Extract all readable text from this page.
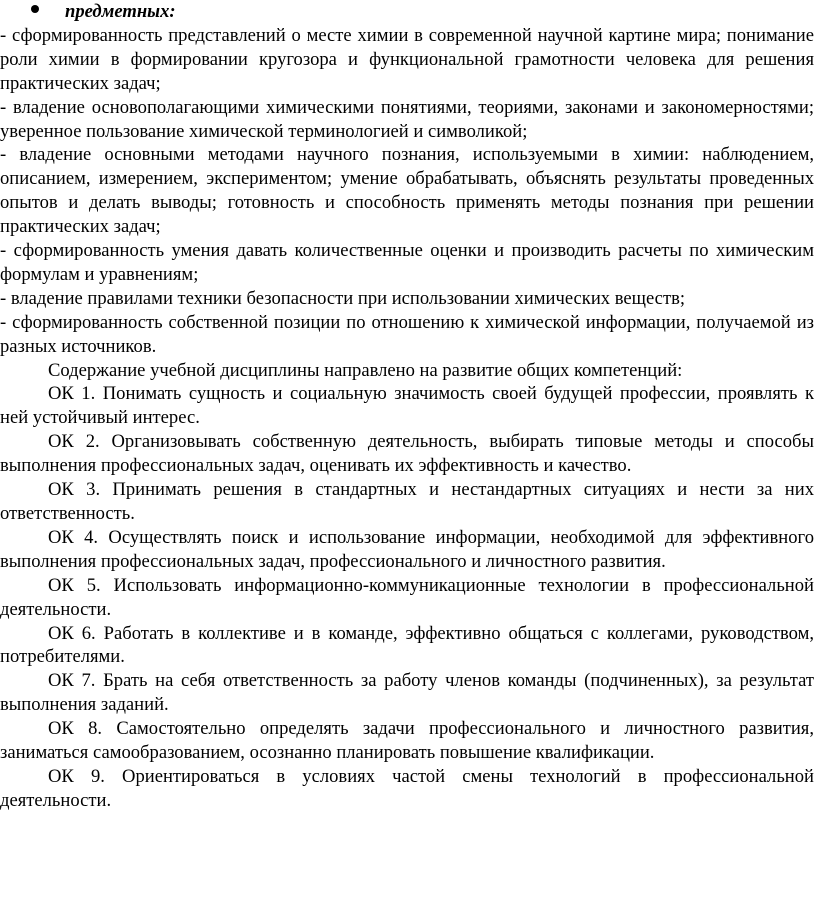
предметных:

- сформированность представлений о месте химии в современной научной картине мира; понимание роли химии в формировании кругозора и функциональной грамотности человека для решения практических задач;

- владение основополагающими химическими понятиями, теориями, законами и закономерностями; уверенное пользование химической терминологией и символикой;

- владение основными методами научного познания, используемыми в химии: наблюдением, описанием, измерением, экспериментом; умение обрабатывать, объяснять результаты проведенных опытов и делать выводы; готовность и способность применять методы познания при решении практических задач;

- сформированность умения давать количественные оценки и производить расчеты по химическим формулам и уравнениям;

- владение правилами техники безопасности при использовании химических веществ;

- сформированность собственной позиции по отношению к химической информации, получаемой из разных источников.

Содержание учебной дисциплины направлено на развитие общих компетенций:

ОК 1. Понимать сущность и социальную значимость своей будущей профессии, проявлять к ней устойчивый интерес.

ОК 2. Организовывать собственную деятельность, выбирать типовые методы и способы выполнения профессиональных задач, оценивать их эффективность и качество.

ОК 3. Принимать решения в стандартных и нестандартных ситуациях и нести за них ответственность.

ОК 4. Осуществлять поиск и использование информации, необходимой для эффективного выполнения профессиональных задач, профессионального и личностного развития.

ОК 5. Использовать информационно-коммуникационные технологии в профессиональной деятельности.

ОК 6. Работать в коллективе и в команде, эффективно общаться с коллегами, руководством, потребителями.

ОК 7. Брать на себя ответственность за работу членов команды (подчиненных), за результат выполнения заданий.

ОК 8. Самостоятельно определять задачи профессионального и личностного развития, заниматься самообразованием, осознанно планировать повышение квалификации.

ОК 9. Ориентироваться в условиях частой смены технологий в профессиональной деятельности.
